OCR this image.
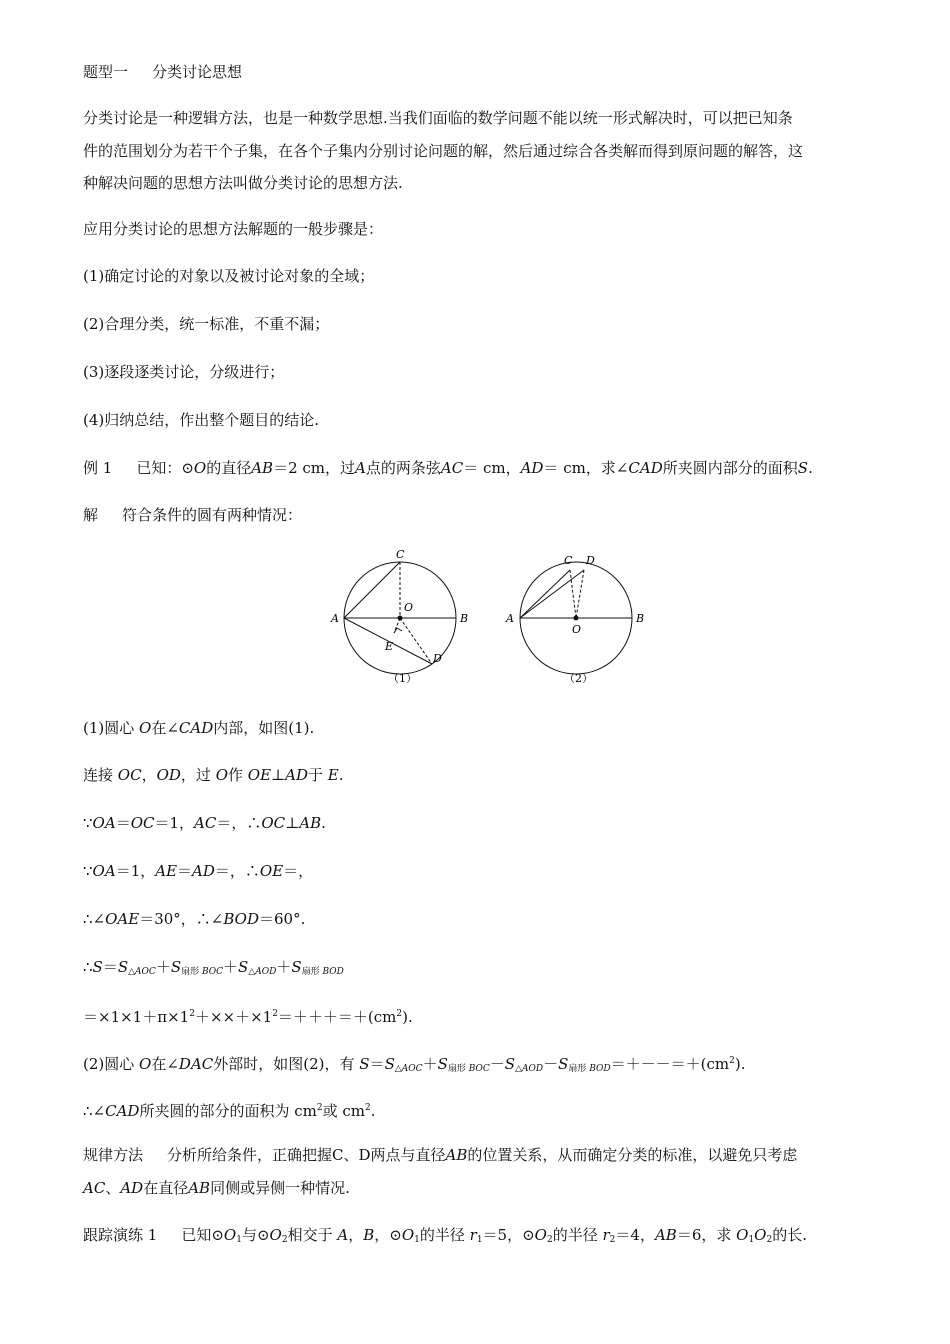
题型一 分类讨论思想
分类讨论是一种逻辑方法，也是一种数学思想.当我们面临的数学问题不能以统一形式解决时，可以把已知条
件的范围划分为若干个子集，在各个子集内分别讨论问题的解，然后通过综合各类解而得到原问题的解答，这
种解决问题的思想方法叫做分类讨论的思想方法.
应用分类讨论的思想方法解题的一般步骤是：
(1)确定讨论的对象以及被讨论对象的全域；
(2)合理分类，统一标准，不重不漏；
(3)逐段逐类讨论，分级进行；
(4)归纳总结，作出整个题目的结论.
例 1 已知：⊙O的直径AB＝2 cm，过A点的两条弦AC＝ cm，AD＝ cm，求∠CAD所夹圆内部分的面积S.
解 符合条件的圆有两种情况：
A	B
C
O
E
D
（1）
A	B
C D
O
（2）
(1)圆心 O在∠CAD内部，如图(1).
连接 OC，OD，过 O作 OE⊥AD于 E.
∵OA＝OC＝1，AC＝，∴OC⊥AB.
∵OA＝1，AE＝AD＝，∴OE＝，
∴∠OAE＝30°，∴∠BOD＝60°.
$\therefore S=S_{\triangle AOC}+S_{扇形}$ $_{BOC}+S_{\triangle AOD}+S_{扇形}$ $_{BOD}$
$=\times 1\times 1+\pi\times 1^2+\times\times+\times 1^2=+++=+(cm^2)$.
(2)圆心 O在∠DAC外部时，如图(2)，有 $S=S_{\triangle AOC}+S_{扇形}$ $_{BOC}-S_{\triangle AOD}-S_{扇形}$ $_{BOD}=+--=+(cm^2)$.
∴∠CAD所夹圆的部分的面积为 $cm^2$或 $cm^2$.
规律方法 分析所给条件，正确把握C、D两点与直径AB的位置关系，从而确定分类的标准，以避免只考虑
AC、AD在直径AB同侧或异侧一种情况.
跟踪演练 1 已知$⊙O_1$与$⊙O_2$相交于 A，B，$⊙O_1$的半径 $r_1=5$，$⊙O_2$的半径 $r_2=4$，AB＝6，求 $O_1O_2$的长.
